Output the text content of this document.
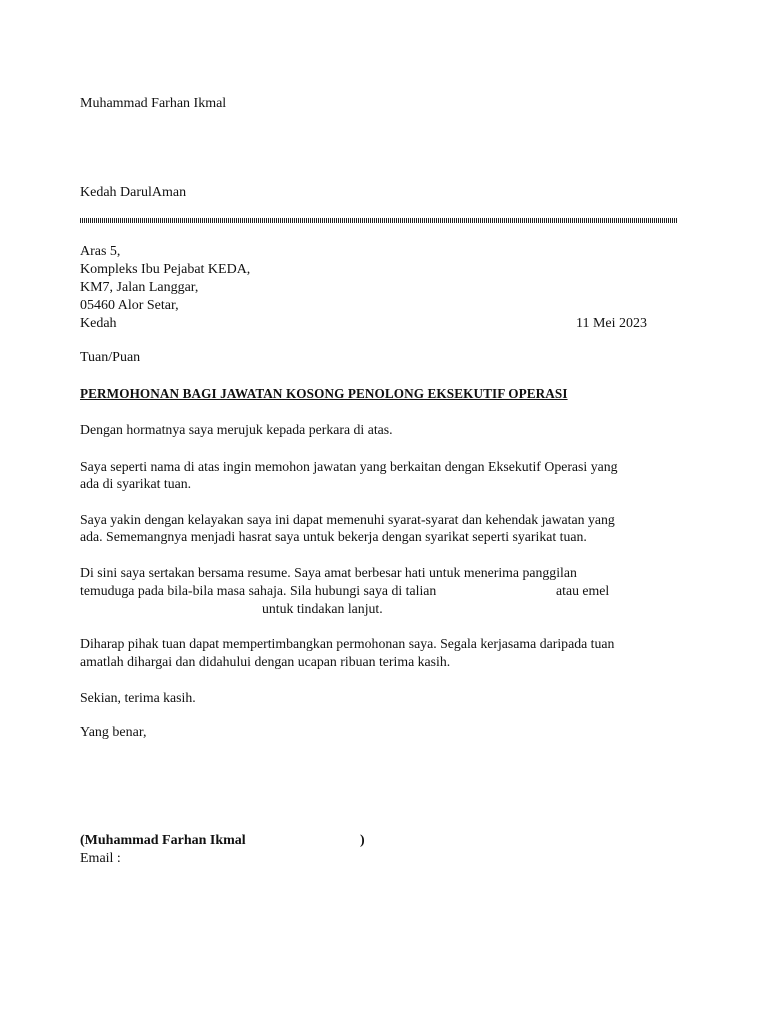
Muhammad Farhan Ikmal
Kedah DarulAman
Aras 5,
Kompleks Ibu Pejabat KEDA,
KM7, Jalan Langgar,
05460 Alor Setar,
Kedah	11 Mei 2023
Tuan/Puan
PERMOHONAN BAGI JAWATAN KOSONG PENOLONG EKSEKUTIF OPERASI
Dengan hormatnya saya merujuk kepada perkara di atas.
Saya seperti nama di atas ingin memohon jawatan yang berkaitan dengan Eksekutif Operasi yang
ada di syarikat tuan.
Saya yakin dengan kelayakan saya ini dapat memenuhi syarat-syarat dan kehendak jawatan yang
ada. Sememangnya menjadi hasrat saya untuk bekerja dengan syarikat seperti syarikat tuan.
Di sini saya sertakan bersama resume. Saya amat berbesar hati untuk menerima panggilan
temuduga pada bila-bila masa sahaja. Sila hubungi saya di talian	atau emel
untuk tindakan lanjut.
Diharap pihak tuan dapat mempertimbangkan permohonan saya. Segala kerjasama daripada tuan
amatlah dihargai dan didahului dengan ucapan ribuan terima kasih.
Sekian, terima kasih.
Yang benar,
(Muhammad Farhan Ikmal	)
Email :
